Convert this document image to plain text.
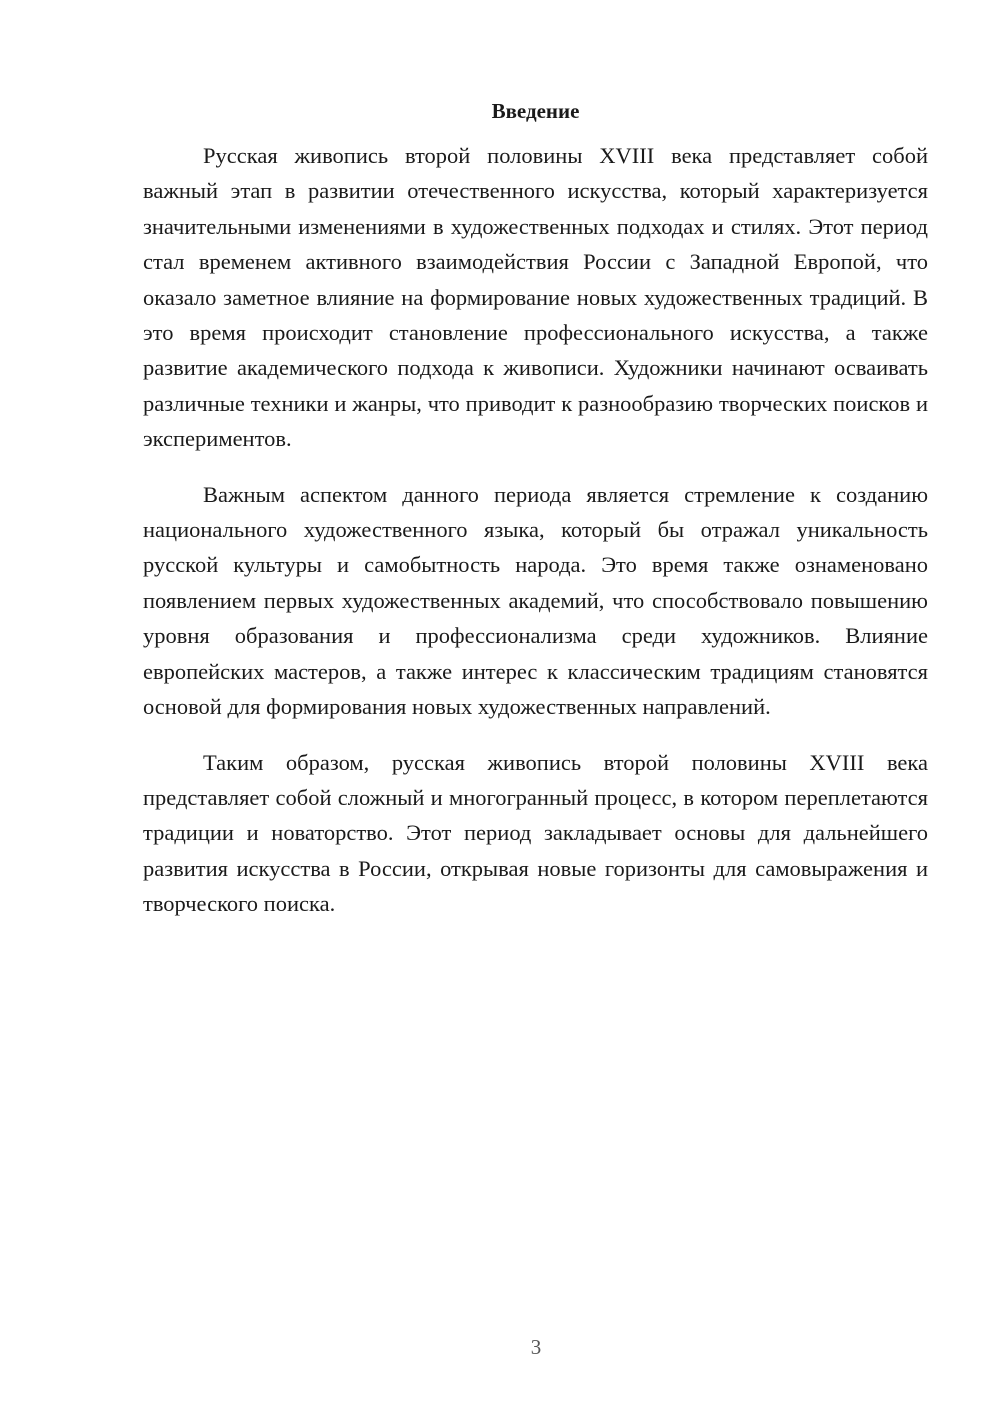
Введение

Русская живопись второй половины XVIII века представляет собой важный этап в развитии отечественного искусства, который характеризуется значительными изменениями в художественных подходах и стилях. Этот период стал временем активного взаимодействия России с Западной Европой, что оказало заметное влияние на формирование новых художественных традиций. В это время происходит становление профессионального искусства, а также развитие академического подхода к живописи. Художники начинают осваивать различные техники и жанры, что приводит к разнообразию творческих поисков и экспериментов.

Важным аспектом данного периода является стремление к созданию национального художественного языка, который бы отражал уникальность русской культуры и самобытность народа. Это время также ознаменовано появлением первых художественных академий, что способствовало повышению уровня образования и профессионализма среди художников. Влияние европейских мастеров, а также интерес к классическим традициям становятся основой для формирования новых художественных направлений.

Таким образом, русская живопись второй половины XVIII века представляет собой сложный и многогранный процесс, в котором переплетаются традиции и новаторство. Этот период закладывает основы для дальнейшего развития искусства в России, открывая новые горизонты для самовыражения и творческого поиска.

3
